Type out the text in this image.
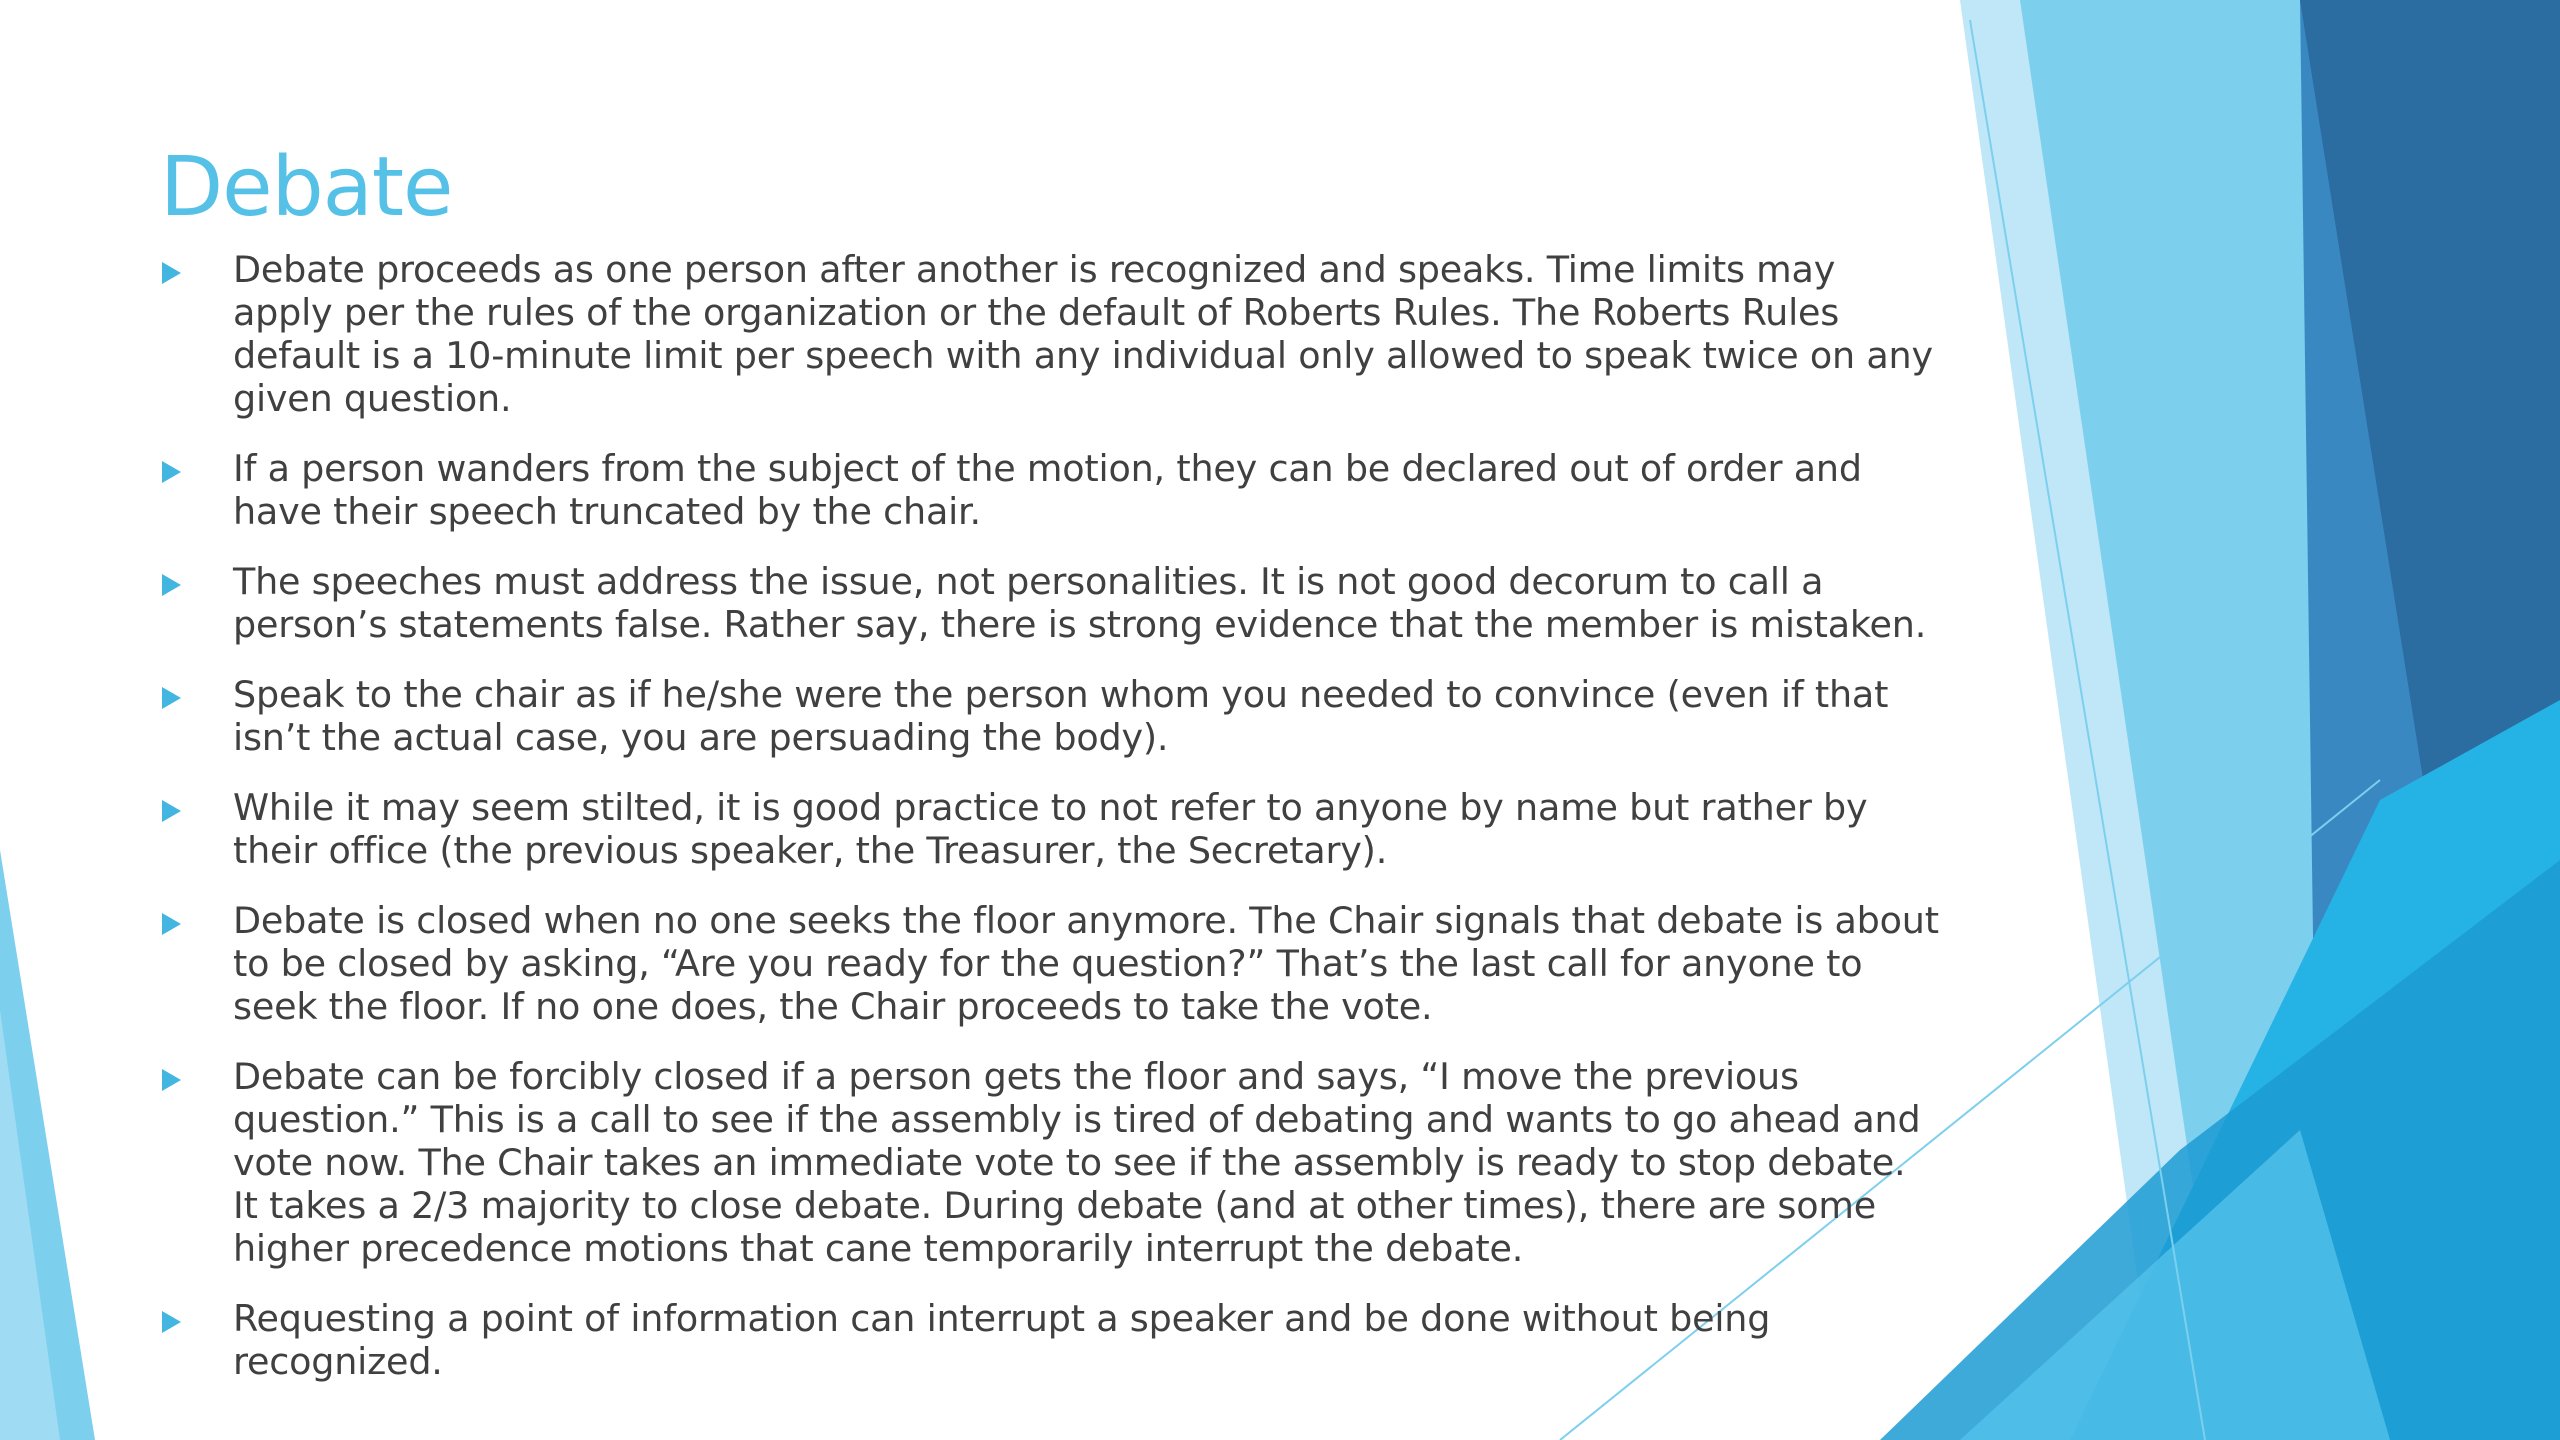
Debate
Debate proceeds as one person after another is recognized and speaks. Time limits may apply per the rules of the organization or the default of Roberts Rules. The Roberts Rules default is a 10-minute limit per speech with any individual only allowed to speak twice on any given question.
If a person wanders from the subject of the motion, they can be declared out of order and have their speech truncated by the chair.
The speeches must address the issue, not personalities. It is not good decorum to call a person’s statements false. Rather say, there is strong evidence that the member is mistaken.
Speak to the chair as if he/she were the person whom you needed to convince (even if that isn’t the actual case, you are persuading the body).
While it may seem stilted, it is good practice to not refer to anyone by name but rather by their office (the previous speaker, the Treasurer, the Secretary).
Debate is closed when no one seeks the floor anymore. The Chair signals that debate is about to be closed by asking, “Are you ready for the question?” That’s the last call for anyone to seek the floor. If no one does, the Chair proceeds to take the vote.
Debate can be forcibly closed if a person gets the floor and says, “I move the previous question.” This is a call to see if the assembly is tired of debating and wants to go ahead and vote now. The Chair takes an immediate vote to see if the assembly is ready to stop debate. It takes a 2/3 majority to close debate. During debate (and at other times), there are some higher precedence motions that cane temporarily interrupt the debate.
Requesting a point of information can interrupt a speaker and be done without being recognized.
